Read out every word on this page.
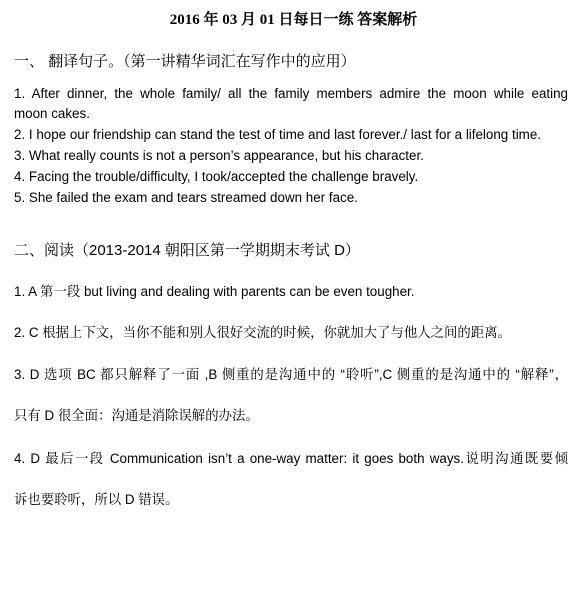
2016 年 03 月 01 日每日一练 答案解析
一、 翻译句子。（第一讲精华词汇在写作中的应用）
1. After dinner, the whole family/ all the family members admire the moon while eating
moon cakes.
2. I hope our friendship can stand the test of time and last forever./ last for a lifelong time.
3. What really counts is not a person’s appearance, but his character.
4. Facing the trouble/difficulty, I took/accepted the challenge bravely.
5. She failed the exam and tears streamed down her face.
二、阅读（2013-2014 朝阳区第一学期期末考试 D）
1. A 第一段 but living and dealing with parents can be even tougher.
2. C 根据上下文，当你不能和别人很好交流的时候，你就加大了与他人之间的距离。
3. D 选项 BC 都只解释了一面 ,B 侧重的是沟通中的 “聆听”,C 侧重的是沟通中的 “解释”，
只有 D 很全面：沟通是消除误解的办法。
4. D 最后一段 Communication isn’t a one-way matter: it goes both ways.说明沟通既要倾
诉也要聆听，所以 D 错误。
